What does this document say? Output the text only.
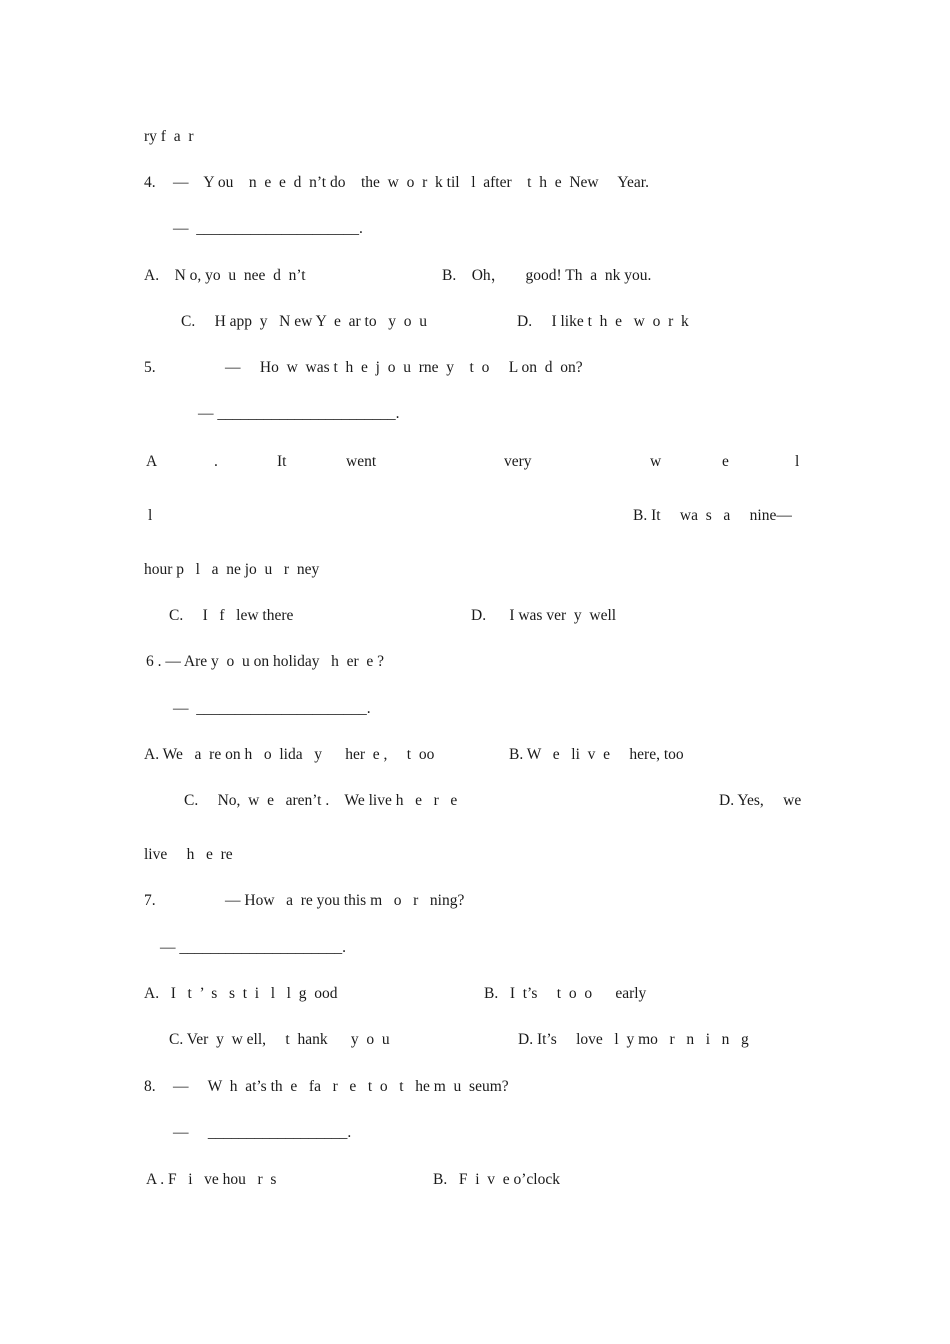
ry f  a  r
4. —    Y ou    n  e  e  d  n’t do    the  w  o  r  k til   l  after    t  h  e  New     Year.
—  _____________________.
A.    N o, yo  u  nee  d  n’t	B.    Oh，     good! Th  a  nk you.
C.     H app  y   N ew Y  e  ar to   y  o  u	D.     I like t  h  e   w  o  r  k
5.	—     Ho  w  was t  h  e  j  o  u  rne  y    t  o     L on  d  on?
— _______________________.
A	.	It	went	very	w	e	l
l	B. It     wa  s   a     nine—
hour p   l   a  ne jo  u   r  ney
C.     I   f   lew there	D.      I was ver  y  well
6 . — Are y  o  u on holiday   h  er  e ?
—  ______________________.
A. We   a  re on h   o  lida   y      her  e ,     t  oo	B. W   e   li  v  e     here, too
C.     No,  w  e   aren’t .    We live h   e   r   e	D. Yes,     we
live     h   e  re
7.	— How   a  re you this m   o   r   ning?
— _____________________.
A.   I   t  ’  s   s  t  i   l   l  g  ood	B.   I  t’s     t  o  o      early
C. Ver  y  w ell,     t  hank      y  o  u	D. It’s     love   l  y mo   r   n   i   n   g
8. —     W  h  at’s th  e   fa   r   e   t  o   t   he m  u  seum?
—     __________________.
A . F   i   ve hou   r  s	B.   F  i  v  e o’clock
